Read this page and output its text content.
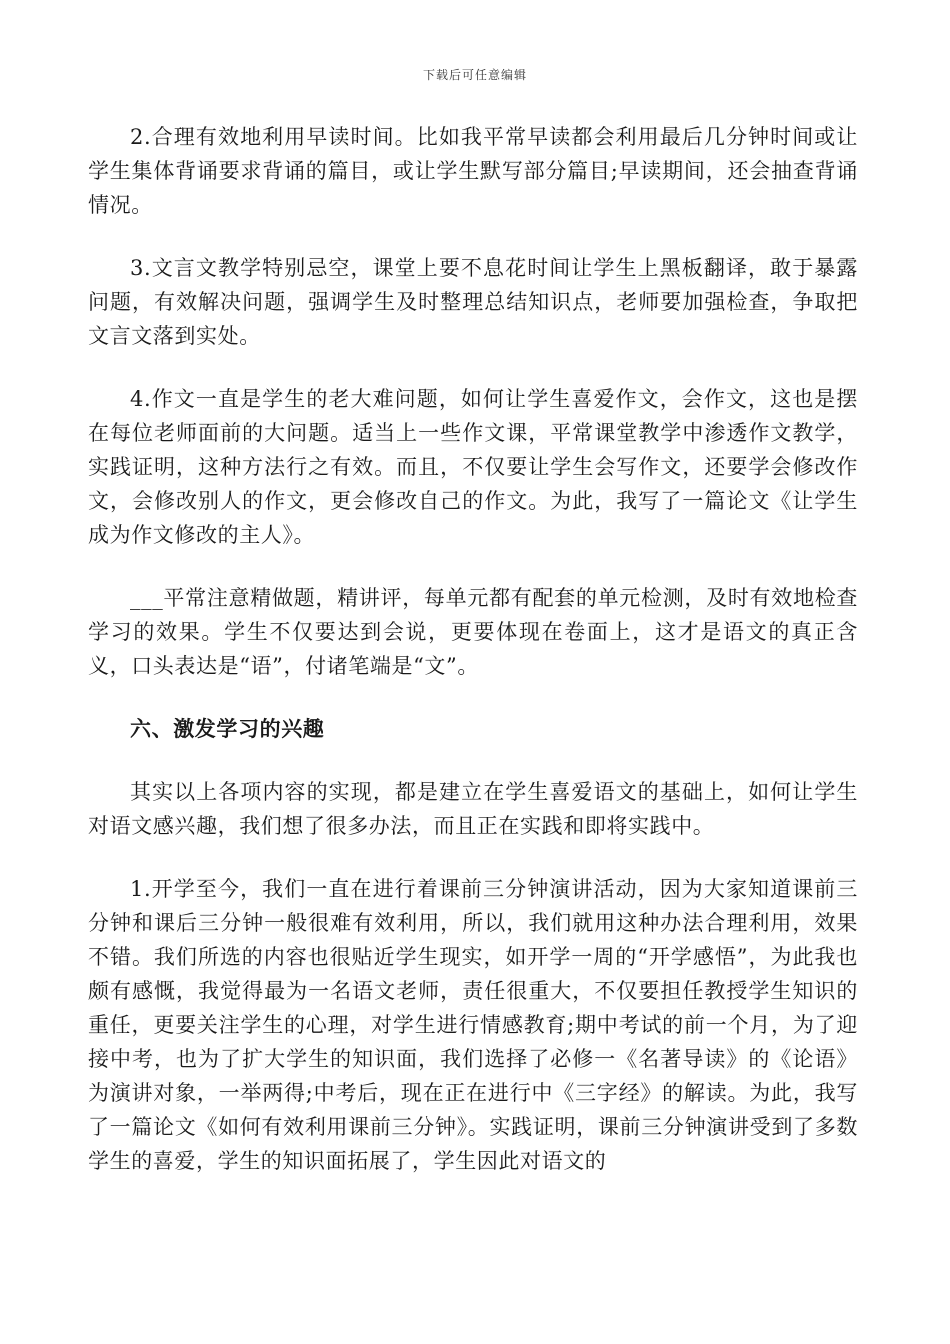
下载后可任意编辑

2.合理有效地利用早读时间。比如我平常早读都会利用最后几分钟时间或让学生集体背诵要求背诵的篇目，或让学生默写部分篇目;早读期间，还会抽查背诵情况。

3.文言文教学特别忌空，课堂上要不息花时间让学生上黑板翻译，敢于暴露问题，有效解决问题，强调学生及时整理总结知识点，老师要加强检查，争取把文言文落到实处。

4.作文一直是学生的老大难问题，如何让学生喜爱作文，会作文，这也是摆在每位老师面前的大问题。适当上一些作文课，平常课堂教学中渗透作文教学，实践证明，这种方法行之有效。而且，不仅要让学生会写作文，还要学会修改作文，会修改别人的作文，更会修改自己的作文。为此，我写了一篇论文《让学生成为作文修改的主人》。

___平常注意精做题，精讲评，每单元都有配套的单元检测，及时有效地检查学习的效果。学生不仅要达到会说，更要体现在卷面上，这才是语文的真正含义，口头表达是“语”，付诸笔端是“文”。

六、激发学习的兴趣

其实以上各项内容的实现，都是建立在学生喜爱语文的基础上，如何让学生对语文感兴趣，我们想了很多办法，而且正在实践和即将实践中。

1.开学至今，我们一直在进行着课前三分钟演讲活动，因为大家知道课前三分钟和课后三分钟一般很难有效利用，所以，我们就用这种办法合理利用，效果不错。我们所选的内容也很贴近学生现实，如开学一周的“开学感悟”，为此我也颇有感慨，我觉得最为一名语文老师，责任很重大，不仅要担任教授学生知识的重任，更要关注学生的心理，对学生进行情感教育;期中考试的前一个月，为了迎接中考，也为了扩大学生的知识面，我们选择了必修一《名著导读》的《论语》为演讲对象，一举两得;中考后，现在正在进行中《三字经》的解读。为此，我写了一篇论文《如何有效利用课前三分钟》。实践证明，课前三分钟演讲受到了多数学生的喜爱，学生的知识面拓展了，学生因此对语文的
